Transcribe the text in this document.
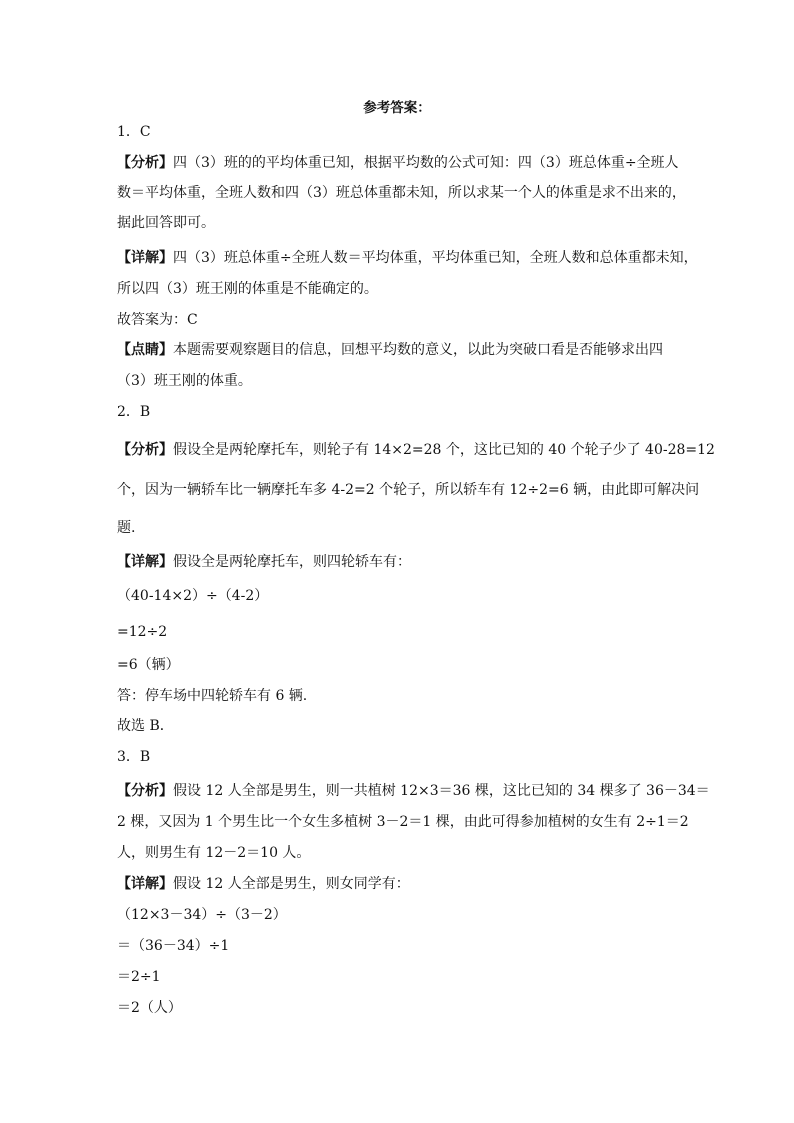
参考答案：
1．C
【分析】四（3）班的的平均体重已知，根据平均数的公式可知：四（3）班总体重÷全班人
数＝平均体重，全班人数和四（3）班总体重都未知，所以求某一个人的体重是求不出来的，
据此回答即可。
【详解】四（3）班总体重÷全班人数＝平均体重，平均体重已知，全班人数和总体重都未知，
所以四（3）班王刚的体重是不能确定的。
故答案为：C
【点睛】本题需要观察题目的信息，回想平均数的意义，以此为突破口看是否能够求出四
（3）班王刚的体重。
2．B
【分析】假设全是两轮摩托车，则轮子有 14×2=28 个，这比已知的 40 个轮子少了 40-28=12
个，因为一辆轿车比一辆摩托车多 4-2=2 个轮子，所以轿车有 12÷2=6 辆，由此即可解决问
题.
【详解】假设全是两轮摩托车，则四轮轿车有：
（40-14×2）÷（4-2）
=12÷2
=6（辆）
答：停车场中四轮轿车有 6 辆.
故选 B．
3．B
【分析】假设 12 人全部是男生，则一共植树 12×3＝36 棵，这比已知的 34 棵多了 36－34＝
2 棵，又因为 1 个男生比一个女生多植树 3－2＝1 棵，由此可得参加植树的女生有 2÷1＝2
人，则男生有 12－2＝10 人。
【详解】假设 12 人全部是男生，则女同学有：
（12×3－34）÷（3－2）
＝（36－34）÷1
＝2÷1
＝2（人）
